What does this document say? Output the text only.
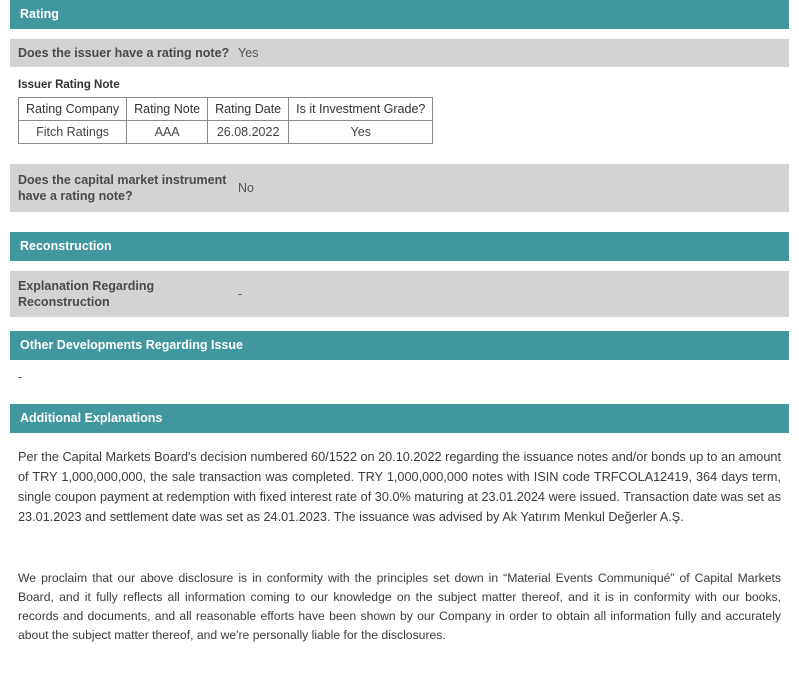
Rating
Does the issuer have a rating note? Yes
Issuer Rating Note
Rating Company	Rating Note	Rating Date	Is it Investment Grade?
Fitch Ratings	AAA	26.08.2022	Yes
Does the capital market instrument have a rating note?
No
Reconstruction
Explanation Regarding Reconstruction
-
Other Developments Regarding Issue
-
Additional Explanations
Per the Capital Markets Board's decision numbered 60/1522 on 20.10.2022 regarding the issuance notes and/or bonds up to an amount of TRY 1,000,000,000, the sale transaction was completed. TRY 1,000,000,000 notes with ISIN code TRFCOLA12419, 364 days term, single coupon payment at redemption with fixed interest rate of 30.0% maturing at 23.01.2024 were issued. Transaction date was set as 23.01.2023 and settlement date was set as 24.01.2023. The issuance was advised by Ak Yatırım Menkul Değerler A.Ş.
We proclaim that our above disclosure is in conformity with the principles set down in “Material Events Communiqué” of Capital Markets Board, and it fully reflects all information coming to our knowledge on the subject matter thereof, and it is in conformity with our books, records and documents, and all reasonable efforts have been shown by our Company in order to obtain all information fully and accurately about the subject matter thereof, and we're personally liable for the disclosures.
